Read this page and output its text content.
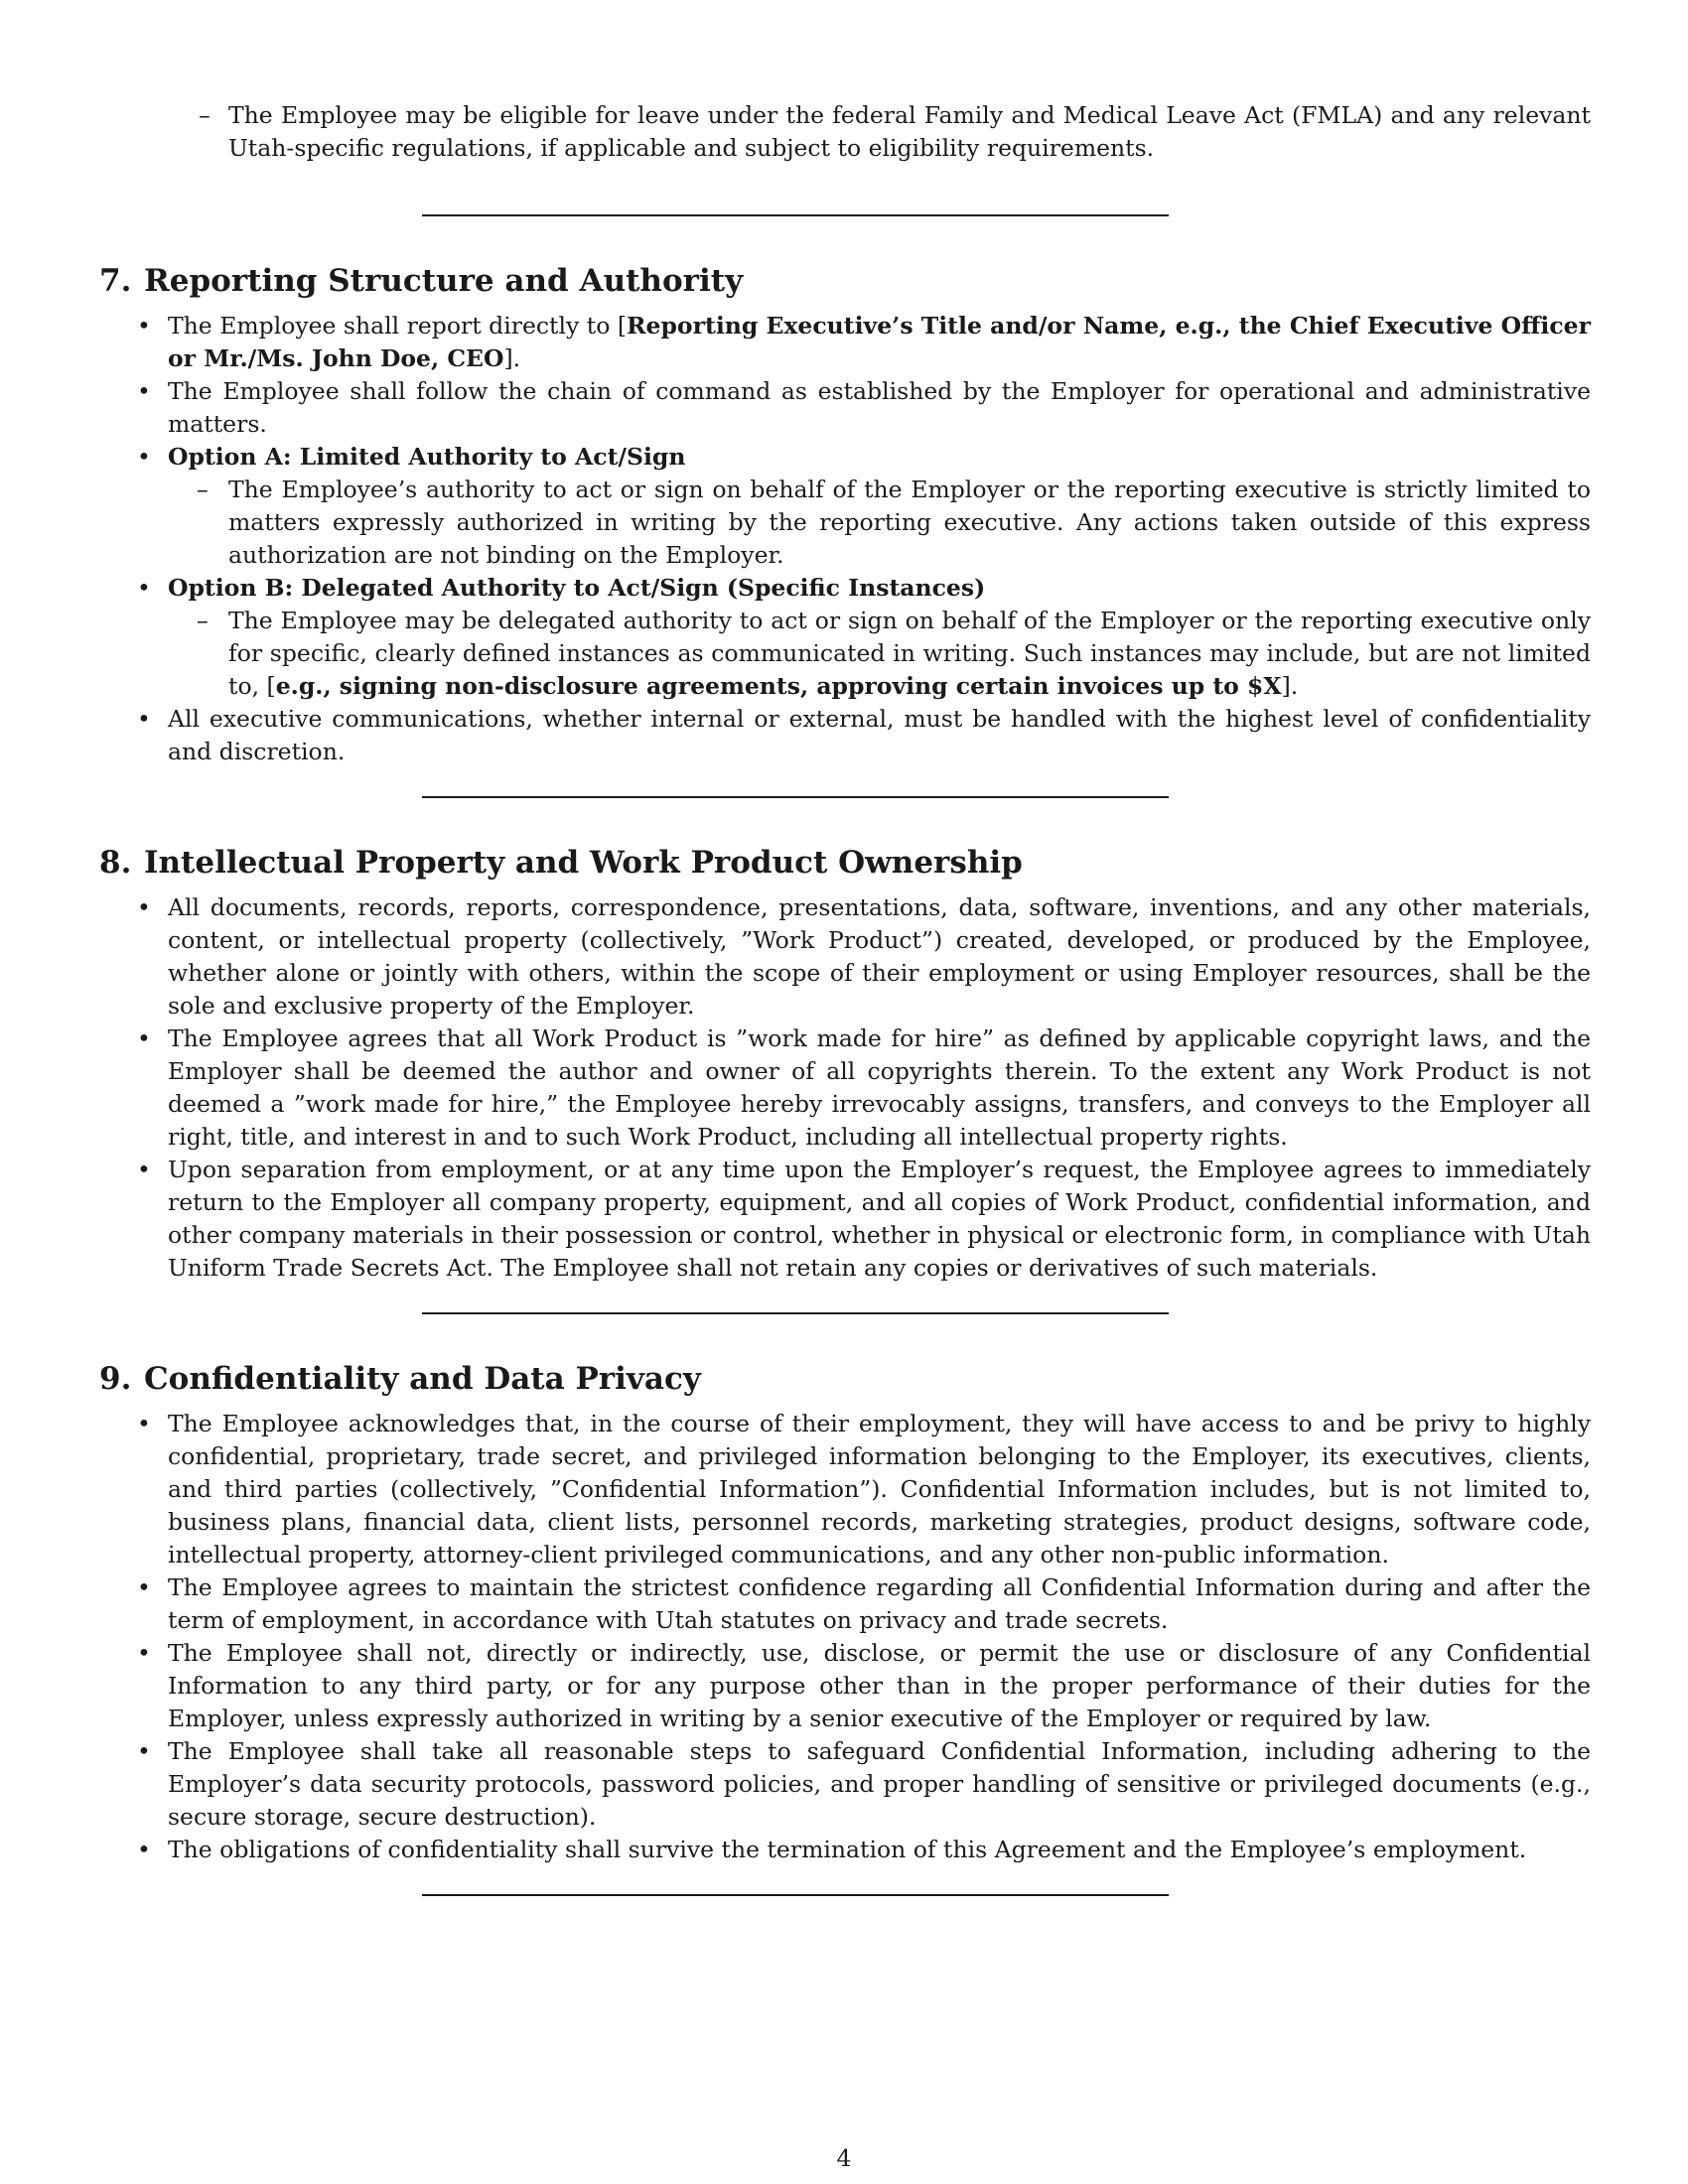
– The Employee may be eligible for leave under the federal Family and Medical Leave Act (FMLA) and any relevant Utah-specific regulations, if applicable and subject to eligibility requirements.
7. Reporting Structure and Authority
• The Employee shall report directly to [Reporting Executive’s Title and/or Name, e.g., the Chief Executive Officer or Mr./Ms. John Doe, CEO].
• The Employee shall follow the chain of command as established by the Employer for operational and administrative matters.
• Option A: Limited Authority to Act/Sign
– The Employee’s authority to act or sign on behalf of the Employer or the reporting executive is strictly limited to matters expressly authorized in writing by the reporting executive. Any actions taken outside of this express authorization are not binding on the Employer.
• Option B: Delegated Authority to Act/Sign (Specific Instances)
– The Employee may be delegated authority to act or sign on behalf of the Employer or the reporting executive only for specific, clearly defined instances as communicated in writing. Such instances may include, but are not limited to, [e.g., signing non-disclosure agreements, approving certain invoices up to $X].
• All executive communications, whether internal or external, must be handled with the highest level of confidentiality and discretion.
8. Intellectual Property and Work Product Ownership
• All documents, records, reports, correspondence, presentations, data, software, inventions, and any other materials, content, or intellectual property (collectively, ”Work Product”) created, developed, or produced by the Employee, whether alone or jointly with others, within the scope of their employment or using Employer resources, shall be the sole and exclusive property of the Employer.
• The Employee agrees that all Work Product is ”work made for hire” as defined by applicable copyright laws, and the Employer shall be deemed the author and owner of all copyrights therein. To the extent any Work Product is not deemed a ”work made for hire,” the Employee hereby irrevocably assigns, transfers, and conveys to the Employer all right, title, and interest in and to such Work Product, including all intellectual property rights.
• Upon separation from employment, or at any time upon the Employer’s request, the Employee agrees to immediately return to the Employer all company property, equipment, and all copies of Work Product, confidential information, and other company materials in their possession or control, whether in physical or electronic form, in compliance with Utah Uniform Trade Secrets Act. The Employee shall not retain any copies or derivatives of such materials.
9. Confidentiality and Data Privacy
• The Employee acknowledges that, in the course of their employment, they will have access to and be privy to highly confidential, proprietary, trade secret, and privileged information belonging to the Employer, its executives, clients, and third parties (collectively, ”Confidential Information”). Confidential Information includes, but is not limited to, business plans, financial data, client lists, personnel records, marketing strategies, product designs, software code, intellectual property, attorney-client privileged communications, and any other non-public information.
• The Employee agrees to maintain the strictest confidence regarding all Confidential Information during and after the term of employment, in accordance with Utah statutes on privacy and trade secrets.
• The Employee shall not, directly or indirectly, use, disclose, or permit the use or disclosure of any Confidential Information to any third party, or for any purpose other than in the proper performance of their duties for the Employer, unless expressly authorized in writing by a senior executive of the Employer or required by law.
• The Employee shall take all reasonable steps to safeguard Confidential Information, including adhering to the Employer’s data security protocols, password policies, and proper handling of sensitive or privileged documents (e.g., secure storage, secure destruction).
• The obligations of confidentiality shall survive the termination of this Agreement and the Employee’s employment.
4
